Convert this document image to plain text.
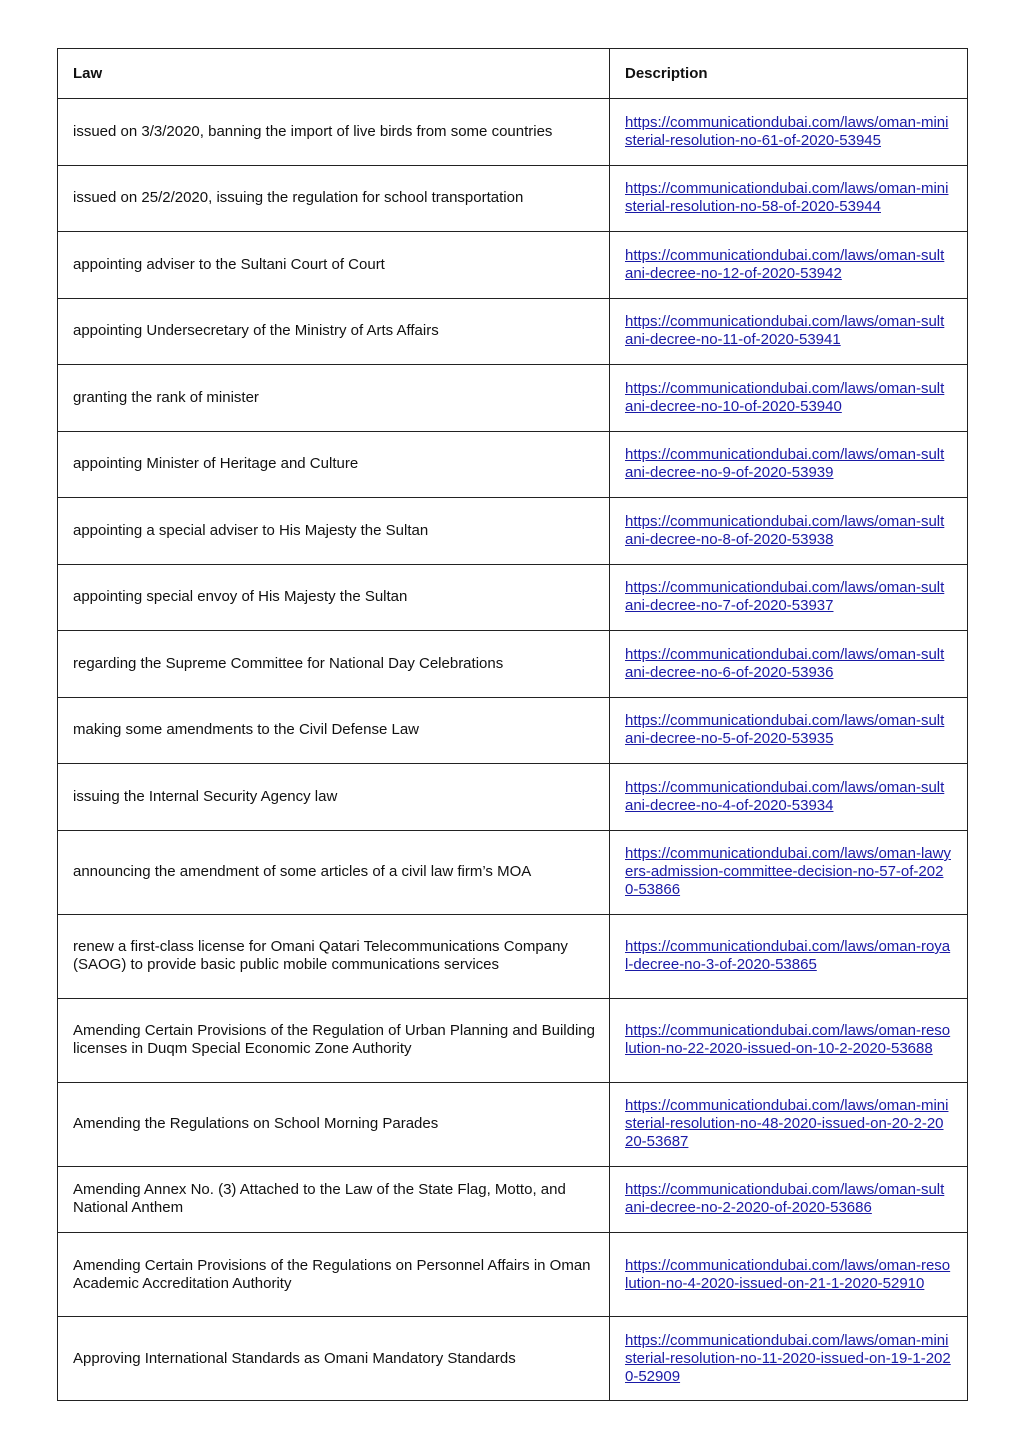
Law	Description
issued on 3/3/2020, banning the import of live birds from some countries	https://communicationdubai.com/laws/oman-ministerial-resolution-no-61-of-2020-53945
issued on 25/2/2020, issuing the regulation for school transportation	https://communicationdubai.com/laws/oman-ministerial-resolution-no-58-of-2020-53944
appointing adviser to the Sultani Court of Court	https://communicationdubai.com/laws/oman-sultani-decree-no-12-of-2020-53942
appointing Undersecretary of the Ministry of Arts Affairs	https://communicationdubai.com/laws/oman-sultani-decree-no-11-of-2020-53941
granting the rank of minister	https://communicationdubai.com/laws/oman-sultani-decree-no-10-of-2020-53940
appointing Minister of Heritage and Culture	https://communicationdubai.com/laws/oman-sultani-decree-no-9-of-2020-53939
appointing a special adviser to His Majesty the Sultan	https://communicationdubai.com/laws/oman-sultani-decree-no-8-of-2020-53938
appointing special envoy of His Majesty the Sultan	https://communicationdubai.com/laws/oman-sultani-decree-no-7-of-2020-53937
regarding the Supreme Committee for National Day Celebrations	https://communicationdubai.com/laws/oman-sultani-decree-no-6-of-2020-53936
making some amendments to the Civil Defense Law	https://communicationdubai.com/laws/oman-sultani-decree-no-5-of-2020-53935
issuing the Internal Security Agency law	https://communicationdubai.com/laws/oman-sultani-decree-no-4-of-2020-53934
announcing the amendment of some articles of a civil law firm’s MOA	https://communicationdubai.com/laws/oman-lawyers-admission-committee-decision-no-57-of-2020-53866
renew a first-class license for Omani Qatari Telecommunications Company (SAOG) to provide basic public mobile communications services	https://communicationdubai.com/laws/oman-royal-decree-no-3-of-2020-53865
Amending Certain Provisions of the Regulation of Urban Planning and Building licenses in Duqm Special Economic Zone Authority	https://communicationdubai.com/laws/oman-resolution-no-22-2020-issued-on-10-2-2020-53688
Amending the Regulations on School Morning Parades	https://communicationdubai.com/laws/oman-ministerial-resolution-no-48-2020-issued-on-20-2-2020-53687
Amending Annex No. (3) Attached to the Law of the State Flag, Motto, and National Anthem	https://communicationdubai.com/laws/oman-sultani-decree-no-2-2020-of-2020-53686
Amending Certain Provisions of the Regulations on Personnel Affairs in Oman Academic Accreditation Authority	https://communicationdubai.com/laws/oman-resolution-no-4-2020-issued-on-21-1-2020-52910
Approving International Standards as Omani Mandatory Standards	https://communicationdubai.com/laws/oman-ministerial-resolution-no-11-2020-issued-on-19-1-2020-52909
